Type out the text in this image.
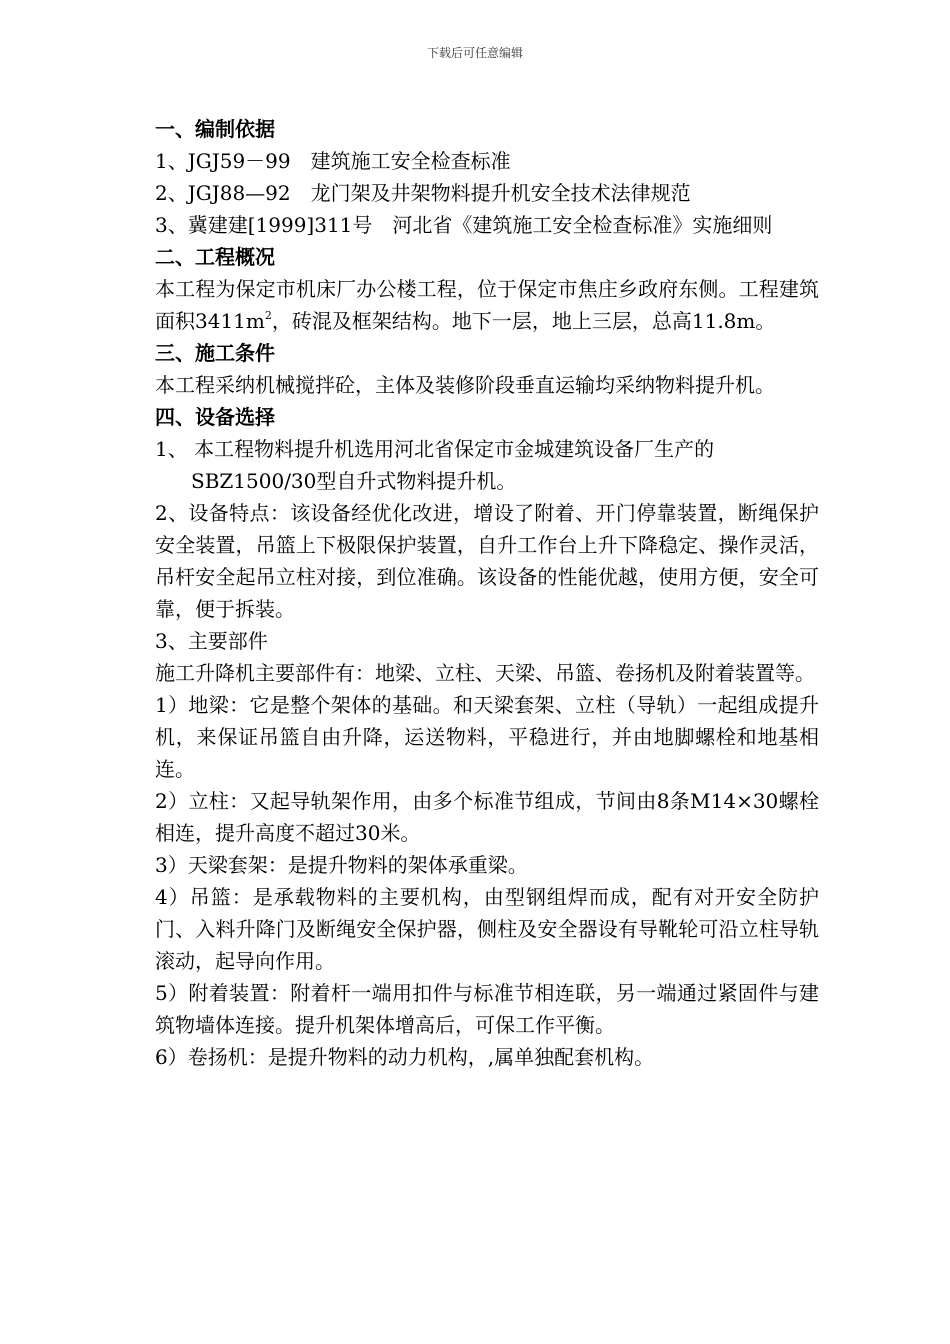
下载后可任意编辑
一、编制依据
1、JGJ59－99　建筑施工安全检查标准
2、JGJ88—92　龙门架及井架物料提升机安全技术法律规范
3、冀建建[1999]311号　河北省《建筑施工安全检查标准》实施细则
二、工程概况
本工程为保定市机床厂办公楼工程，位于保定市焦庄乡政府东侧。工程建筑面积$3411m^2$，砖混及框架结构。地下一层，地上三层，总高11.8m。
三、施工条件
本工程采纳机械搅拌砼，主体及装修阶段垂直运输均采纳物料提升机。
四、设备选择
1、 本工程物料提升机选用河北省保定市金城建筑设备厂生产的
SBZ1500/30型自升式物料提升机。
2、设备特点：该设备经优化改进，增设了附着、开门停靠装置，断绳保护安全装置，吊篮上下极限保护装置，自升工作台上升下降稳定、操作灵活，吊杆安全起吊立柱对接，到位准确。该设备的性能优越，使用方便，安全可靠，便于拆装。
3、主要部件
施工升降机主要部件有：地梁、立柱、天梁、吊篮、卷扬机及附着装置等。
1）地梁：它是整个架体的基础。和天梁套架、立柱（导轨）一起组成提升机，来保证吊篮自由升降，运送物料，平稳进行，并由地脚螺栓和地基相连。
2）立柱：又起导轨架作用，由多个标准节组成，节间由8条M14×30螺栓相连，提升高度不超过30米。
3）天梁套架：是提升物料的架体承重梁。
4）吊篮：是承载物料的主要机构，由型钢组焊而成，配有对开安全防护门、入料升降门及断绳安全保护器，侧柱及安全器设有导靴轮可沿立柱导轨滚动，起导向作用。
5）附着装置：附着杆一端用扣件与标准节相连联，另一端通过紧固件与建筑物墙体连接。提升机架体增高后，可保工作平衡。
6）卷扬机：是提升物料的动力机构，,属单独配套机构。
